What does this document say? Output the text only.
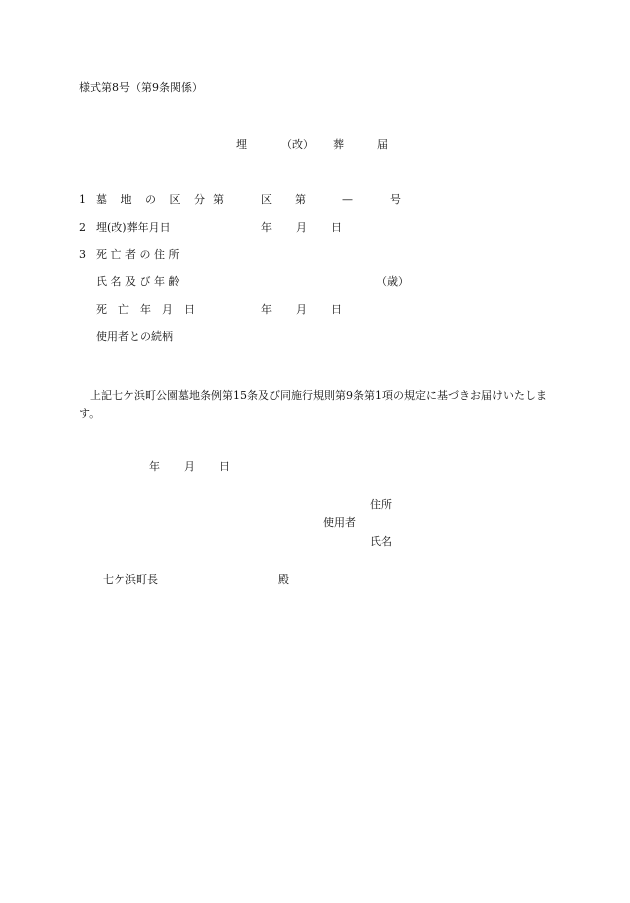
様式第8号（第9条関係）
埋	（改） 葬	届
1 墓 地 の 区 分 第	区 第	—	号
2 埋(改)葬年月日	年 月 日
3 死 亡 者 の 住 所
氏 名 及 び 年 齢	（歳）
死　亡　年　月　日	年 月 日
使用者との続柄
上記七ケ浜町公園墓地条例第15条及び同施行規則第9条第1項の規定に基づきお届けいたします。
年 月 日
住所
使用者
氏名
七ケ浜町長	殿
